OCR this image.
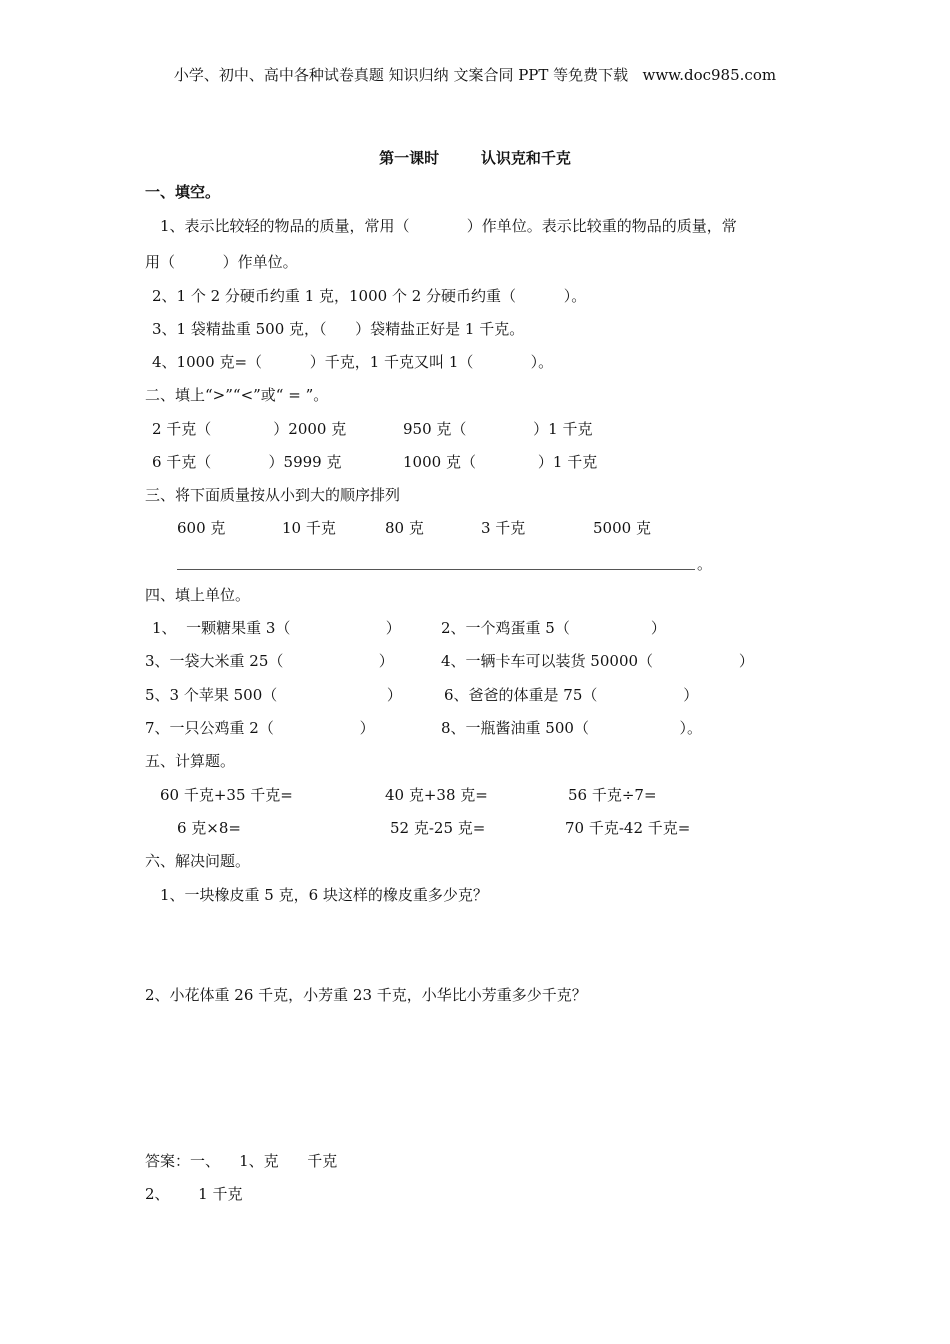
小学、初中、高中各种试卷真题 知识归纳 文案合同 PPT 等免费下载   www.doc985.com
第一课时        认识克和千克
一、填空。
1、表示比较轻的物品的质量，常用（            ）作单位。表示比较重的物品的质量，常
用（          ）作单位。
2、1 个 2 分硬币约重 1 克，1000 个 2 分硬币约重（          ）。
3、1 袋精盐重 500 克，（      ）袋精盐正好是 1 千克。
4、1000 克=（          ）千克，1 千克又叫 1（            ）。
二、填上“>”“<”或“ = ”。
2 千克（             ）2000 克	950 克（              ）1 千克
6 千克（            ）5999 克	1000 克（             ）1 千克
三、将下面质量按从小到大的顺序排列
600 克	10 千克	80 克	3 千克	5000 克
。
四、填上单位。
1、  一颗糖果重 3（                    ）	2、一个鸡蛋重 5（                 ）
3、一袋大米重 25（                    ）	4、一辆卡车可以装货 50000（                  ）
5、3 个苹果 500（                       ）	6、爸爸的体重是 75（                  ）
7、一只公鸡重 2（                  ）	8、一瓶酱油重 500（                   ）。
五、计算题。
60 千克+35 千克=	40 克+38 克=	56 千克÷7=
6 克×8=	52 克-25 克=	70 千克-42 千克=
六、解决问题。
1、一块橡皮重 5 克，6 块这样的橡皮重多少克？
2、小花体重 26 千克，小芳重 23 千克，小华比小芳重多少千克？
答案：一、    1、克      千克
2、      1 千克
